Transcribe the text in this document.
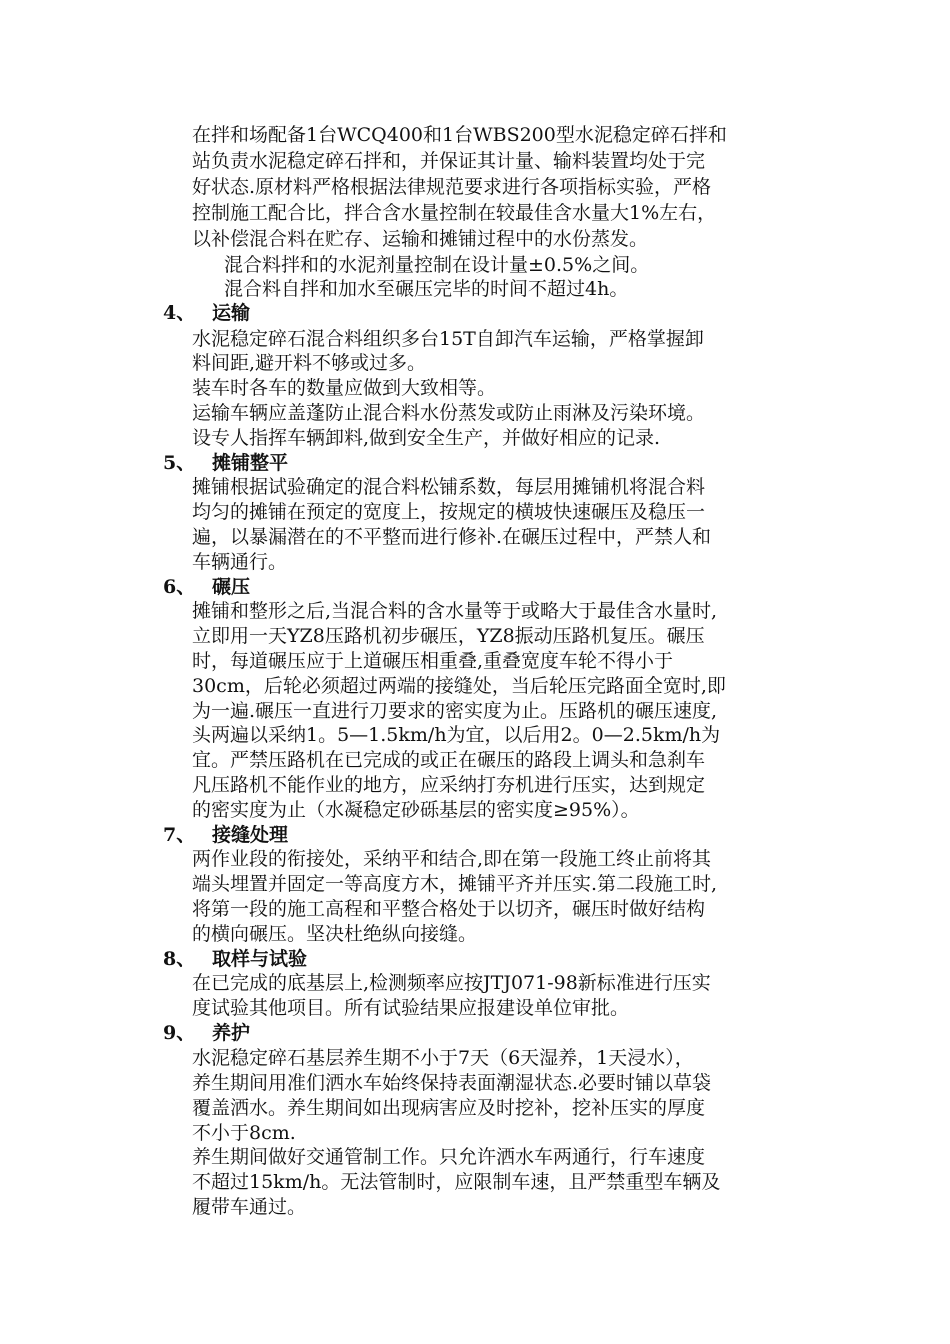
在拌和场配备1台WCQ400和1台WBS200型水泥稳定碎石拌和
站负责水泥稳定碎石拌和，并保证其计量、输料装置均处于完
好状态.原材料严格根据法律规范要求进行各项指标实验，严格
控制施工配合比，拌合含水量控制在较最佳含水量大1%左右，
以补偿混合料在贮存、运输和摊铺过程中的水份蒸发。
混合料拌和的水泥剂量控制在设计量±0.5%之间。
混合料自拌和加水至碾压完毕的时间不超过4h。
4、 运输
水泥稳定碎石混合料组织多台15T自卸汽车运输，严格掌握卸
料间距,避开料不够或过多。
装车时各车的数量应做到大致相等。
运输车辆应盖蓬防止混合料水份蒸发或防止雨淋及污染环境。
设专人指挥车辆卸料,做到安全生产，并做好相应的记录.
5、 摊铺整平
摊铺根据试验确定的混合料松铺系数，每层用摊铺机将混合料
均匀的摊铺在预定的宽度上，按规定的横坡快速碾压及稳压一
遍，以暴漏潜在的不平整而进行修补.在碾压过程中，严禁人和
车辆通行。
6、 碾压
摊铺和整形之后,当混合料的含水量等于或略大于最佳含水量时,
立即用一天YZ8压路机初步碾压，YZ8振动压路机复压。碾压
时，每道碾压应于上道碾压相重叠,重叠宽度车轮不得小于
30cm，后轮必须超过两端的接缝处，当后轮压完路面全宽时,即
为一遍.碾压一直进行刀要求的密实度为止。压路机的碾压速度,
头两遍以采纳1。5—1.5km/h为宜，以后用2。0—2.5km/h为
宜。严禁压路机在已完成的或正在碾压的路段上调头和急刹车
凡压路机不能作业的地方，应采纳打夯机进行压实，达到规定
的密实度为止（水凝稳定砂砾基层的密实度≥95%）。
7、 接缝处理
两作业段的衔接处，采纳平和结合,即在第一段施工终止前将其
端头埋置并固定一等高度方木，摊铺平齐并压实.第二段施工时,
将第一段的施工高程和平整合格处于以切齐，碾压时做好结构
的横向碾压。坚决杜绝纵向接缝。
8、 取样与试验
在已完成的底基层上,检测频率应按JTJ071-98新标准进行压实
度试验其他项目。所有试验结果应报建设单位审批。
9、 养护
水泥稳定碎石基层养生期不小于7天（6天湿养，1天浸水），
养生期间用准们洒水车始终保持表面潮湿状态.必要时铺以草袋
覆盖洒水。养生期间如出现病害应及时挖补，挖补压实的厚度
不小于8cm.
养生期间做好交通管制工作。只允许洒水车两通行，行车速度
不超过15km/h。无法管制时，应限制车速，且严禁重型车辆及
履带车通过。
